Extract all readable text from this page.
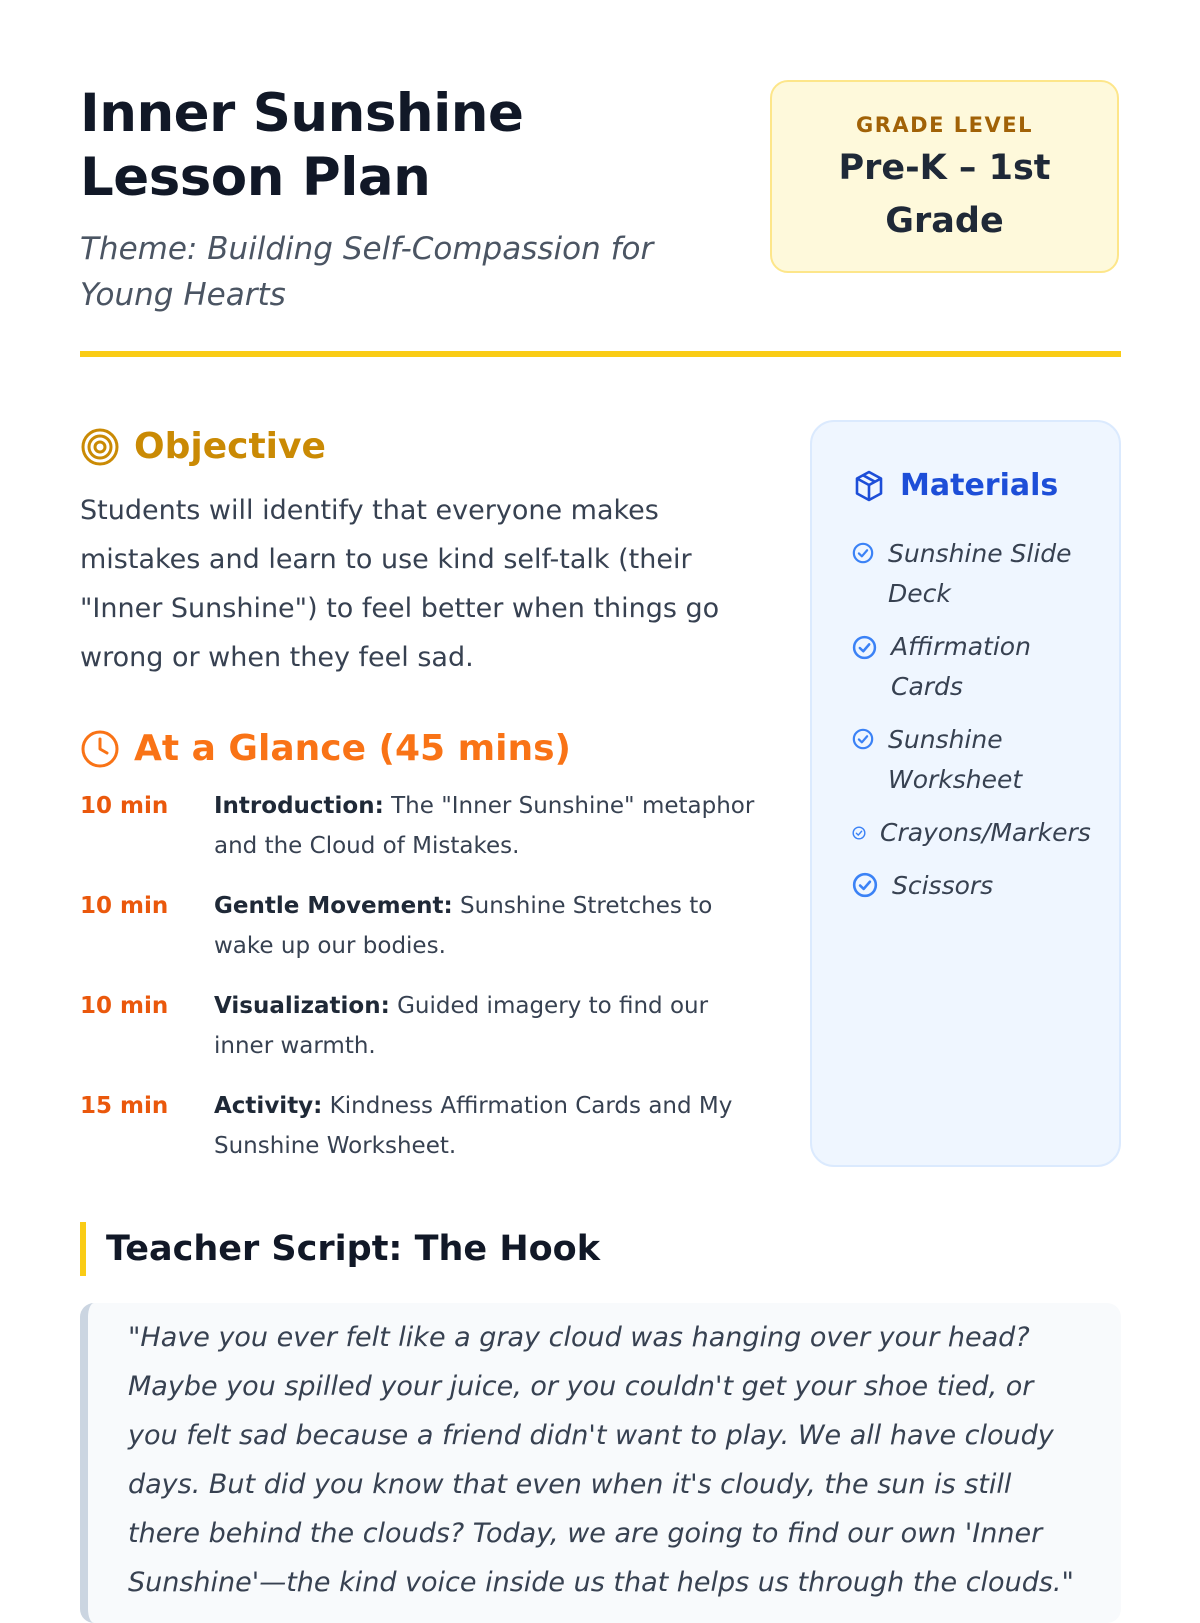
Inner Sunshine Lesson Plan

Theme: Building Self-Compassion for Young Hearts

GRADE LEVEL
Pre-K – 1st Grade
Objective

Students will identify that everyone makes mistakes and learn to use kind self-talk (their "Inner Sunshine") to feel better when things go wrong or when they feel sad.

At a Glance (45 mins)
10 min	Introduction: The "Inner Sunshine" metaphor and the Cloud of Mistakes.
10 min	Gentle Movement: Sunshine Stretches to wake up our bodies.
10 min	Visualization: Guided imagery to find our inner warmth.
15 min	Activity: Kindness Affirmation Cards and My Sunshine Worksheet.
Materials
Sunshine Slide Deck
Affirmation Cards
Sunshine Worksheet
Crayons/Markers
Scissors
Teacher Script: The Hook

"Have you ever felt like a gray cloud was hanging over your head? Maybe you spilled your juice, or you couldn't get your shoe tied, or you felt sad because a friend didn't want to play. We all have cloudy days. But did you know that even when it's cloudy, the sun is still there behind the clouds? Today, we are going to find our own 'Inner Sunshine'—the kind voice inside us that helps us through the clouds."
